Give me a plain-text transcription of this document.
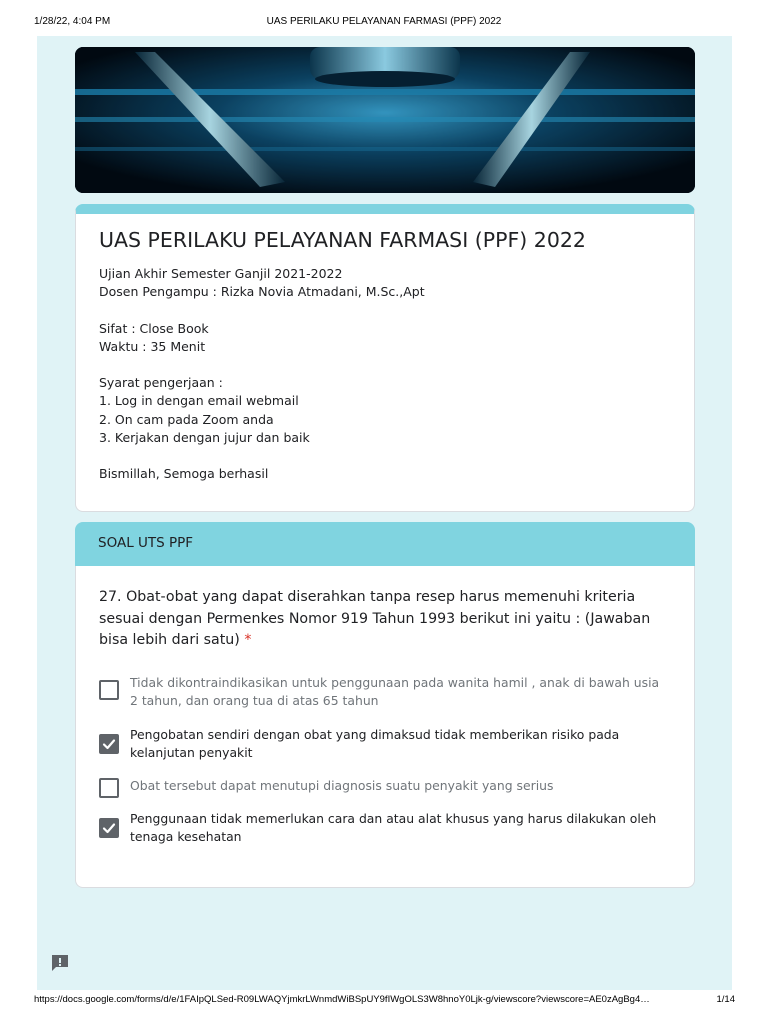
1/28/22, 4:04 PM	UAS PERILAKU PELAYANAN FARMASI (PPF) 2022
UAS PERILAKU PELAYANAN FARMASI (PPF) 2022
Ujian Akhir Semester Ganjil 2021-2022
Dosen Pengampu : Rizka Novia Atmadani, M.Sc.,Apt

Sifat : Close Book
Waktu : 35 Menit

Syarat pengerjaan :
1. Log in dengan email webmail
2. On cam pada Zoom anda
3. Kerjakan dengan jujur dan baik

Bismillah, Semoga berhasil
SOAL UTS PPF
27. Obat-obat yang dapat diserahkan tanpa resep harus memenuhi kriteria sesuai dengan Permenkes Nomor 919 Tahun 1993 berikut ini yaitu : (Jawaban bisa lebih dari satu) *
Tidak dikontraindikasikan untuk penggunaan pada wanita hamil , anak di bawah usia 2 tahun, dan orang tua di atas 65 tahun
Pengobatan sendiri dengan obat yang dimaksud tidak memberikan risiko pada kelanjutan penyakit
Obat tersebut dapat menutupi diagnosis suatu penyakit yang serius
Penggunaan tidak memerlukan cara dan atau alat khusus yang harus dilakukan oleh tenaga kesehatan
https://docs.google.com/forms/d/e/1FAIpQLSed-R09LWAQYjmkrLWnmdWiBSpUY9fIWgOLS3W8hnoY0Ljk-g/viewscore?viewscore=AE0zAgBg4…	1/14
